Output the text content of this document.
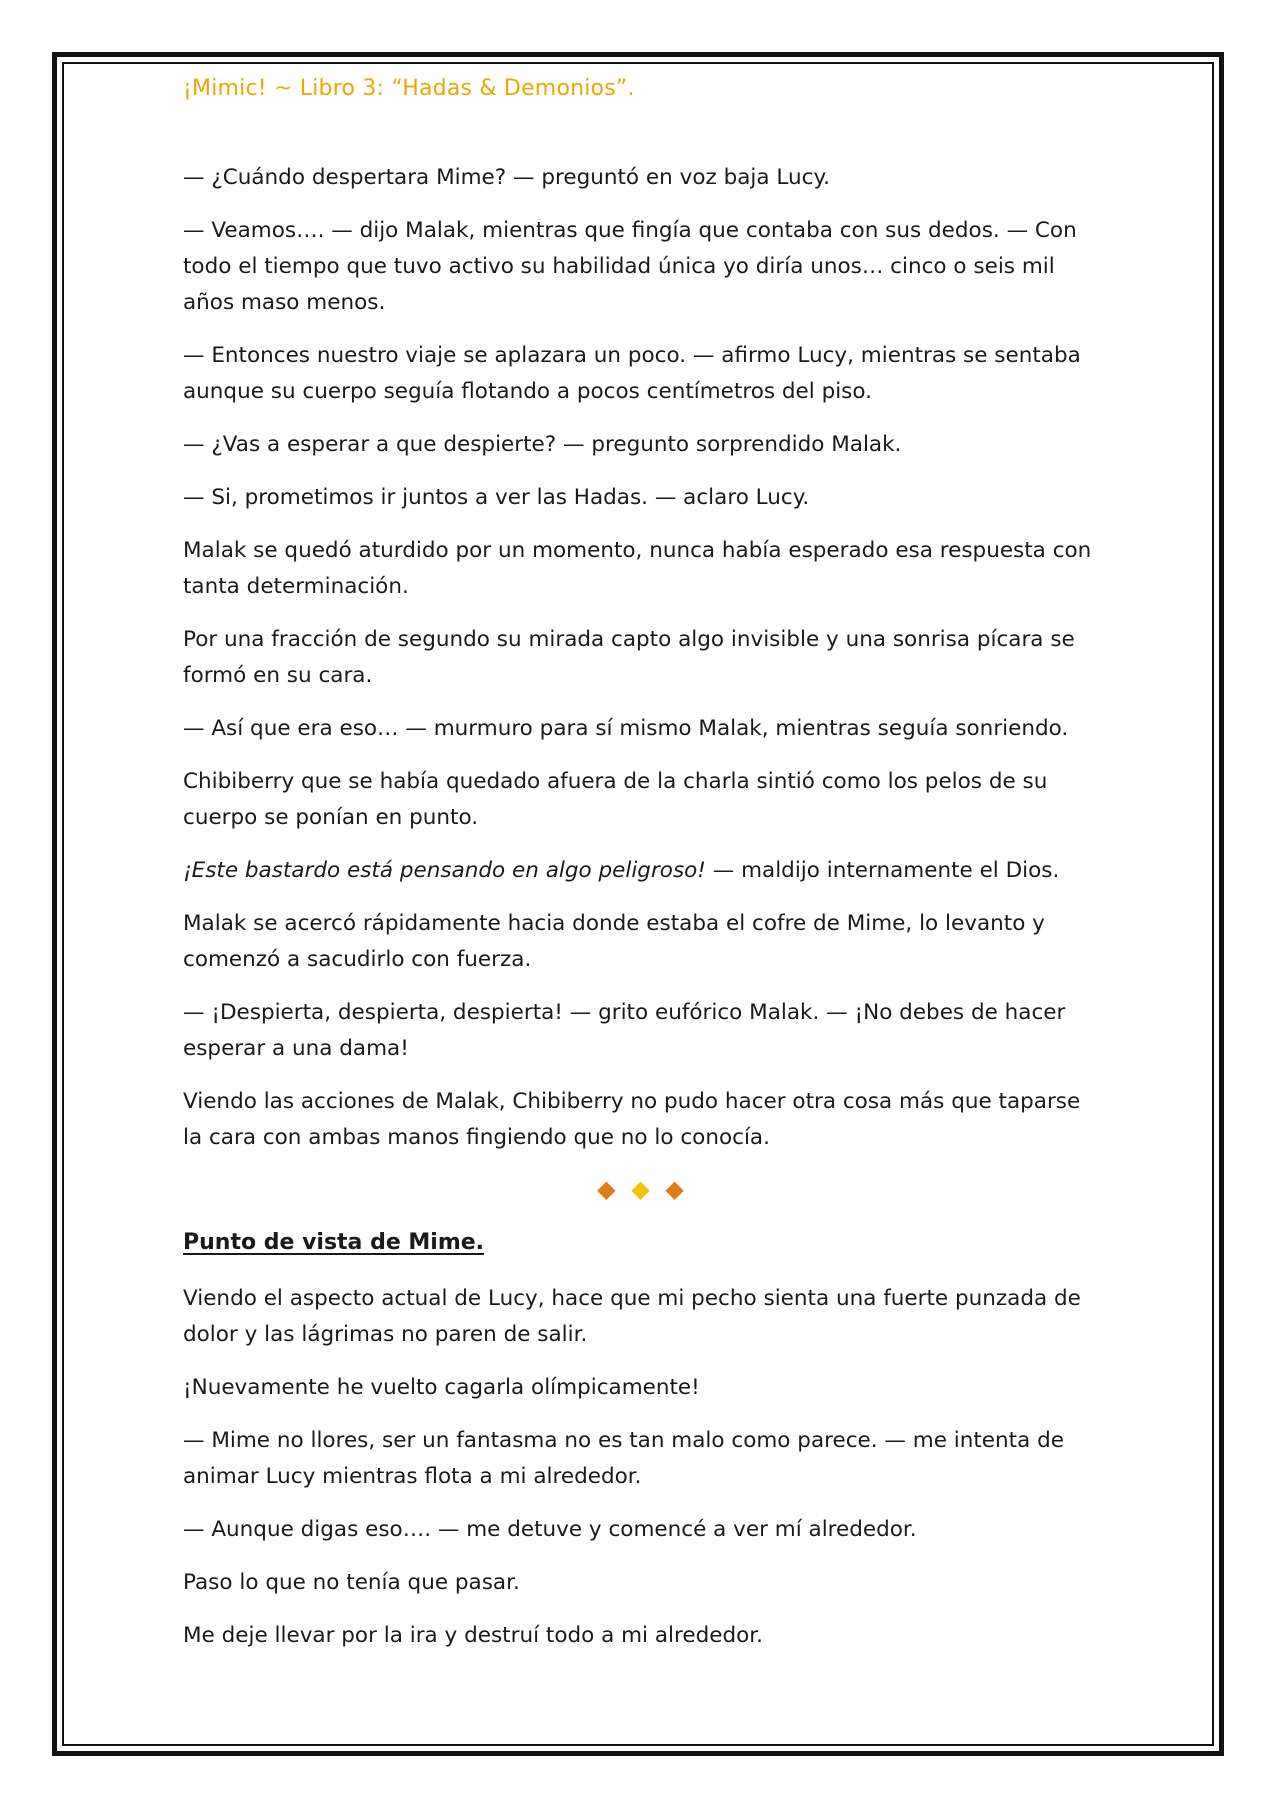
¡Mimic! ~ Libro 3: “Hadas & Demonios”.

— ¿Cuándo despertara Mime? — preguntó en voz baja Lucy.

— Veamos…. — dijo Malak, mientras que fingía que contaba con sus dedos. — Con todo el tiempo que tuvo activo su habilidad única yo diría unos… cinco o seis mil años maso menos.

— Entonces nuestro viaje se aplazara un poco. — afirmo Lucy, mientras se sentaba aunque su cuerpo seguía flotando a pocos centímetros del piso.

— ¿Vas a esperar a que despierte? — pregunto sorprendido Malak.

— Si, prometimos ir juntos a ver las Hadas. — aclaro Lucy.

Malak se quedó aturdido por un momento, nunca había esperado esa respuesta con tanta determinación.

Por una fracción de segundo su mirada capto algo invisible y una sonrisa pícara se formó en su cara.

— Así que era eso… — murmuro para sí mismo Malak, mientras seguía sonriendo.

Chibiberry que se había quedado afuera de la charla sintió como los pelos de su cuerpo se ponían en punto.

¡Este bastardo está pensando en algo peligroso! — maldijo internamente el Dios.

Malak se acercó rápidamente hacia donde estaba el cofre de Mime, lo levanto y comenzó a sacudirlo con fuerza.

— ¡Despierta, despierta, despierta! — grito eufórico Malak. — ¡No debes de hacer esperar a una dama!

Viendo las acciones de Malak, Chibiberry no pudo hacer otra cosa más que taparse la cara con ambas manos fingiendo que no lo conocía.

◆ ◆ ◆
Punto de vista de Mime.

Viendo el aspecto actual de Lucy, hace que mi pecho sienta una fuerte punzada de dolor y las lágrimas no paren de salir.

¡Nuevamente he vuelto cagarla olímpicamente!

— Mime no llores, ser un fantasma no es tan malo como parece. — me intenta de animar Lucy mientras flota a mi alrededor.

— Aunque digas eso…. — me detuve y comencé a ver mí alrededor.

Paso lo que no tenía que pasar.

Me deje llevar por la ira y destruí todo a mi alrededor.
